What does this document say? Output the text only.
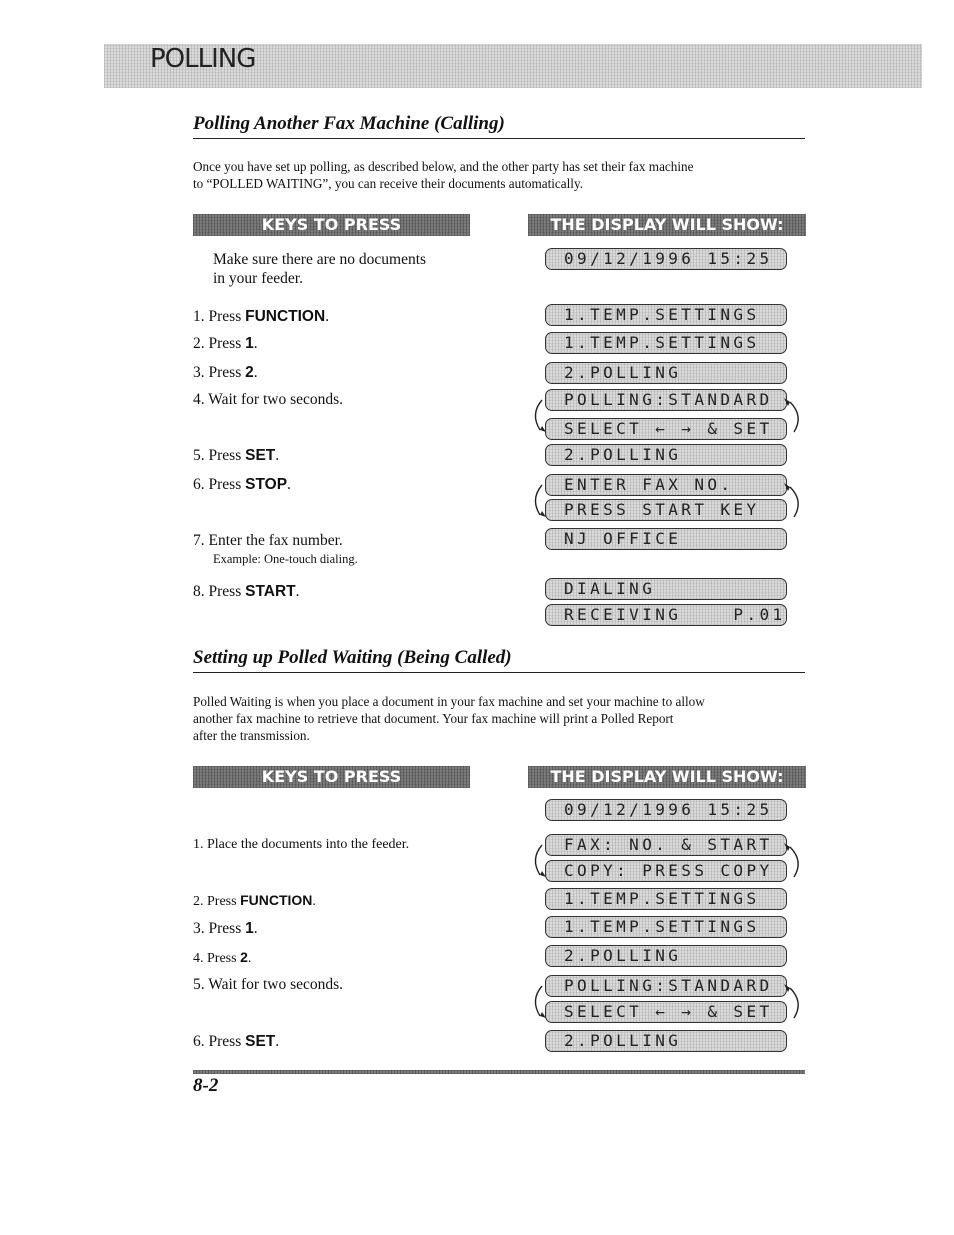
POLLING
Polling Another Fax Machine (Calling)
Once you have set up polling, as described below, and the other party has set their fax machine
to “POLLED WAITING”, you can receive their documents automatically.
KEYS TO PRESS	THE DISPLAY WILL SHOW:
Make sure there are no documents
in your feeder.
1. Press FUNCTION.
2. Press 1.
3. Press 2.
4. Wait for two seconds.
5. Press SET.
6. Press STOP.
7. Enter the fax number.
Example: One-touch dialing.
8. Press START.
09/12/1996 15:25
1.TEMP.SETTINGS
1.TEMP.SETTINGS
2.POLLING
POLLING:STANDARD
SELECT ← → & SET
2.POLLING
ENTER FAX NO.
PRESS START KEY
NJ OFFICE
DIALING
RECEIVING    P.01
Setting up Polled Waiting (Being Called)
Polled Waiting is when you place a document in your fax machine and set your machine to allow
another fax machine to retrieve that document. Your fax machine will print a Polled Report
after the transmission.
KEYS TO PRESS	THE DISPLAY WILL SHOW:
1. Place the documents into the feeder.
2. Press FUNCTION.
3. Press 1.
4. Press 2.
5. Wait for two seconds.
6. Press SET.
09/12/1996 15:25
FAX: NO. & START
COPY: PRESS COPY
1.TEMP.SETTINGS
1.TEMP.SETTINGS
2.POLLING
POLLING:STANDARD
SELECT ← → & SET
2.POLLING
8-2
